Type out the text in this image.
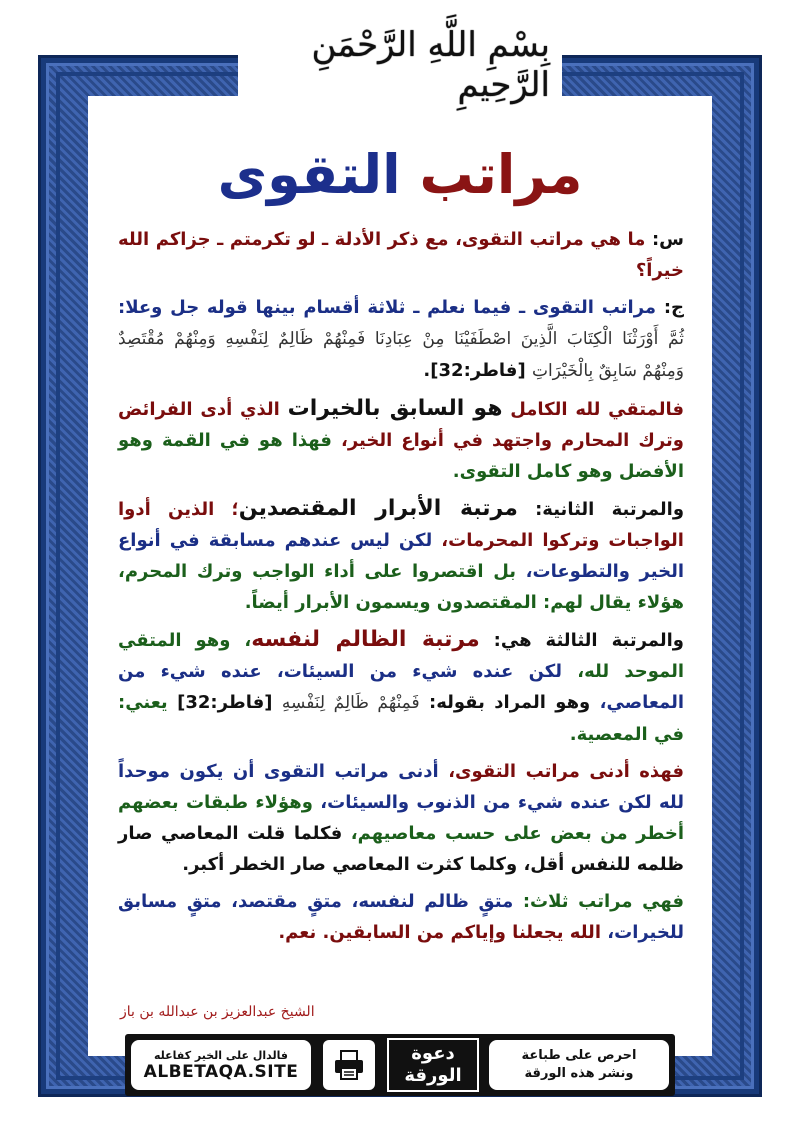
بِسْمِ اللَّهِ الرَّحْمَنِ الرَّحِيمِ
مراتب التقوى

س: ما هي مراتب التقوى، مع ذكر الأدلة ـ لو تكرمتم ـ جزاكم الله خيراً؟

ج: مراتب التقوى ـ فيما نعلم ـ ثلاثة أقسام بينها قوله جل وعلا: ثُمَّ أَوْرَثْنَا الْكِتَابَ الَّذِينَ اصْطَفَيْنَا مِنْ عِبَادِنَا فَمِنْهُمْ ظَالِمٌ لِنَفْسِهِ وَمِنْهُمْ مُقْتَصِدٌ وَمِنْهُمْ سَابِقٌ بِالْخَيْرَاتِ [فاطر:32].

فالمتقي لله الكامل هو السابق بالخيرات الذي أدى الفرائض وترك المحارم واجتهد في أنواع الخير، فهذا هو في القمة وهو الأفضل وهو كامل التقوى.

والمرتبة الثانية: مرتبة الأبرار المقتصدين؛ الذين أدوا الواجبات وتركوا المحرمات، لكن ليس عندهم مسابقة في أنواع الخير والتطوعات، بل اقتصروا على أداء الواجب وترك المحرم، هؤلاء يقال لهم: المقتصدون ويسمون الأبرار أيضاً.

والمرتبة الثالثة هي: مرتبة الظالم لنفسه، وهو المتقي الموحد لله، لكن عنده شيء من السيئات، عنده شيء من المعاصي، وهو المراد بقوله: فَمِنْهُمْ ظَالِمٌ لِنَفْسِهِ [فاطر:32] يعني: في المعصية.

فهذه أدنى مراتب التقوى، أدنى مراتب التقوى أن يكون موحداً لله لكن عنده شيء من الذنوب والسيئات، وهؤلاء طبقات بعضهم أخطر من بعض على حسب معاصيهم، فكلما قلت المعاصي صار ظلمه للنفس أقل، وكلما كثرت المعاصي صار الخطر أكبر.

فهي مراتب ثلاث: متقٍ ظالم لنفسه، متقٍ مقتصد، متقٍ مسابق للخيرات، الله يجعلنا وإياكم من السابقين. نعم.

الشيخ عبدالعزيز بن عبدالله بن باز
فالدال على الخير كفاعله
ALBETAQA.SITE
دعوة
الورقة
احرص على طباعة
ونشر هذه الورقة
